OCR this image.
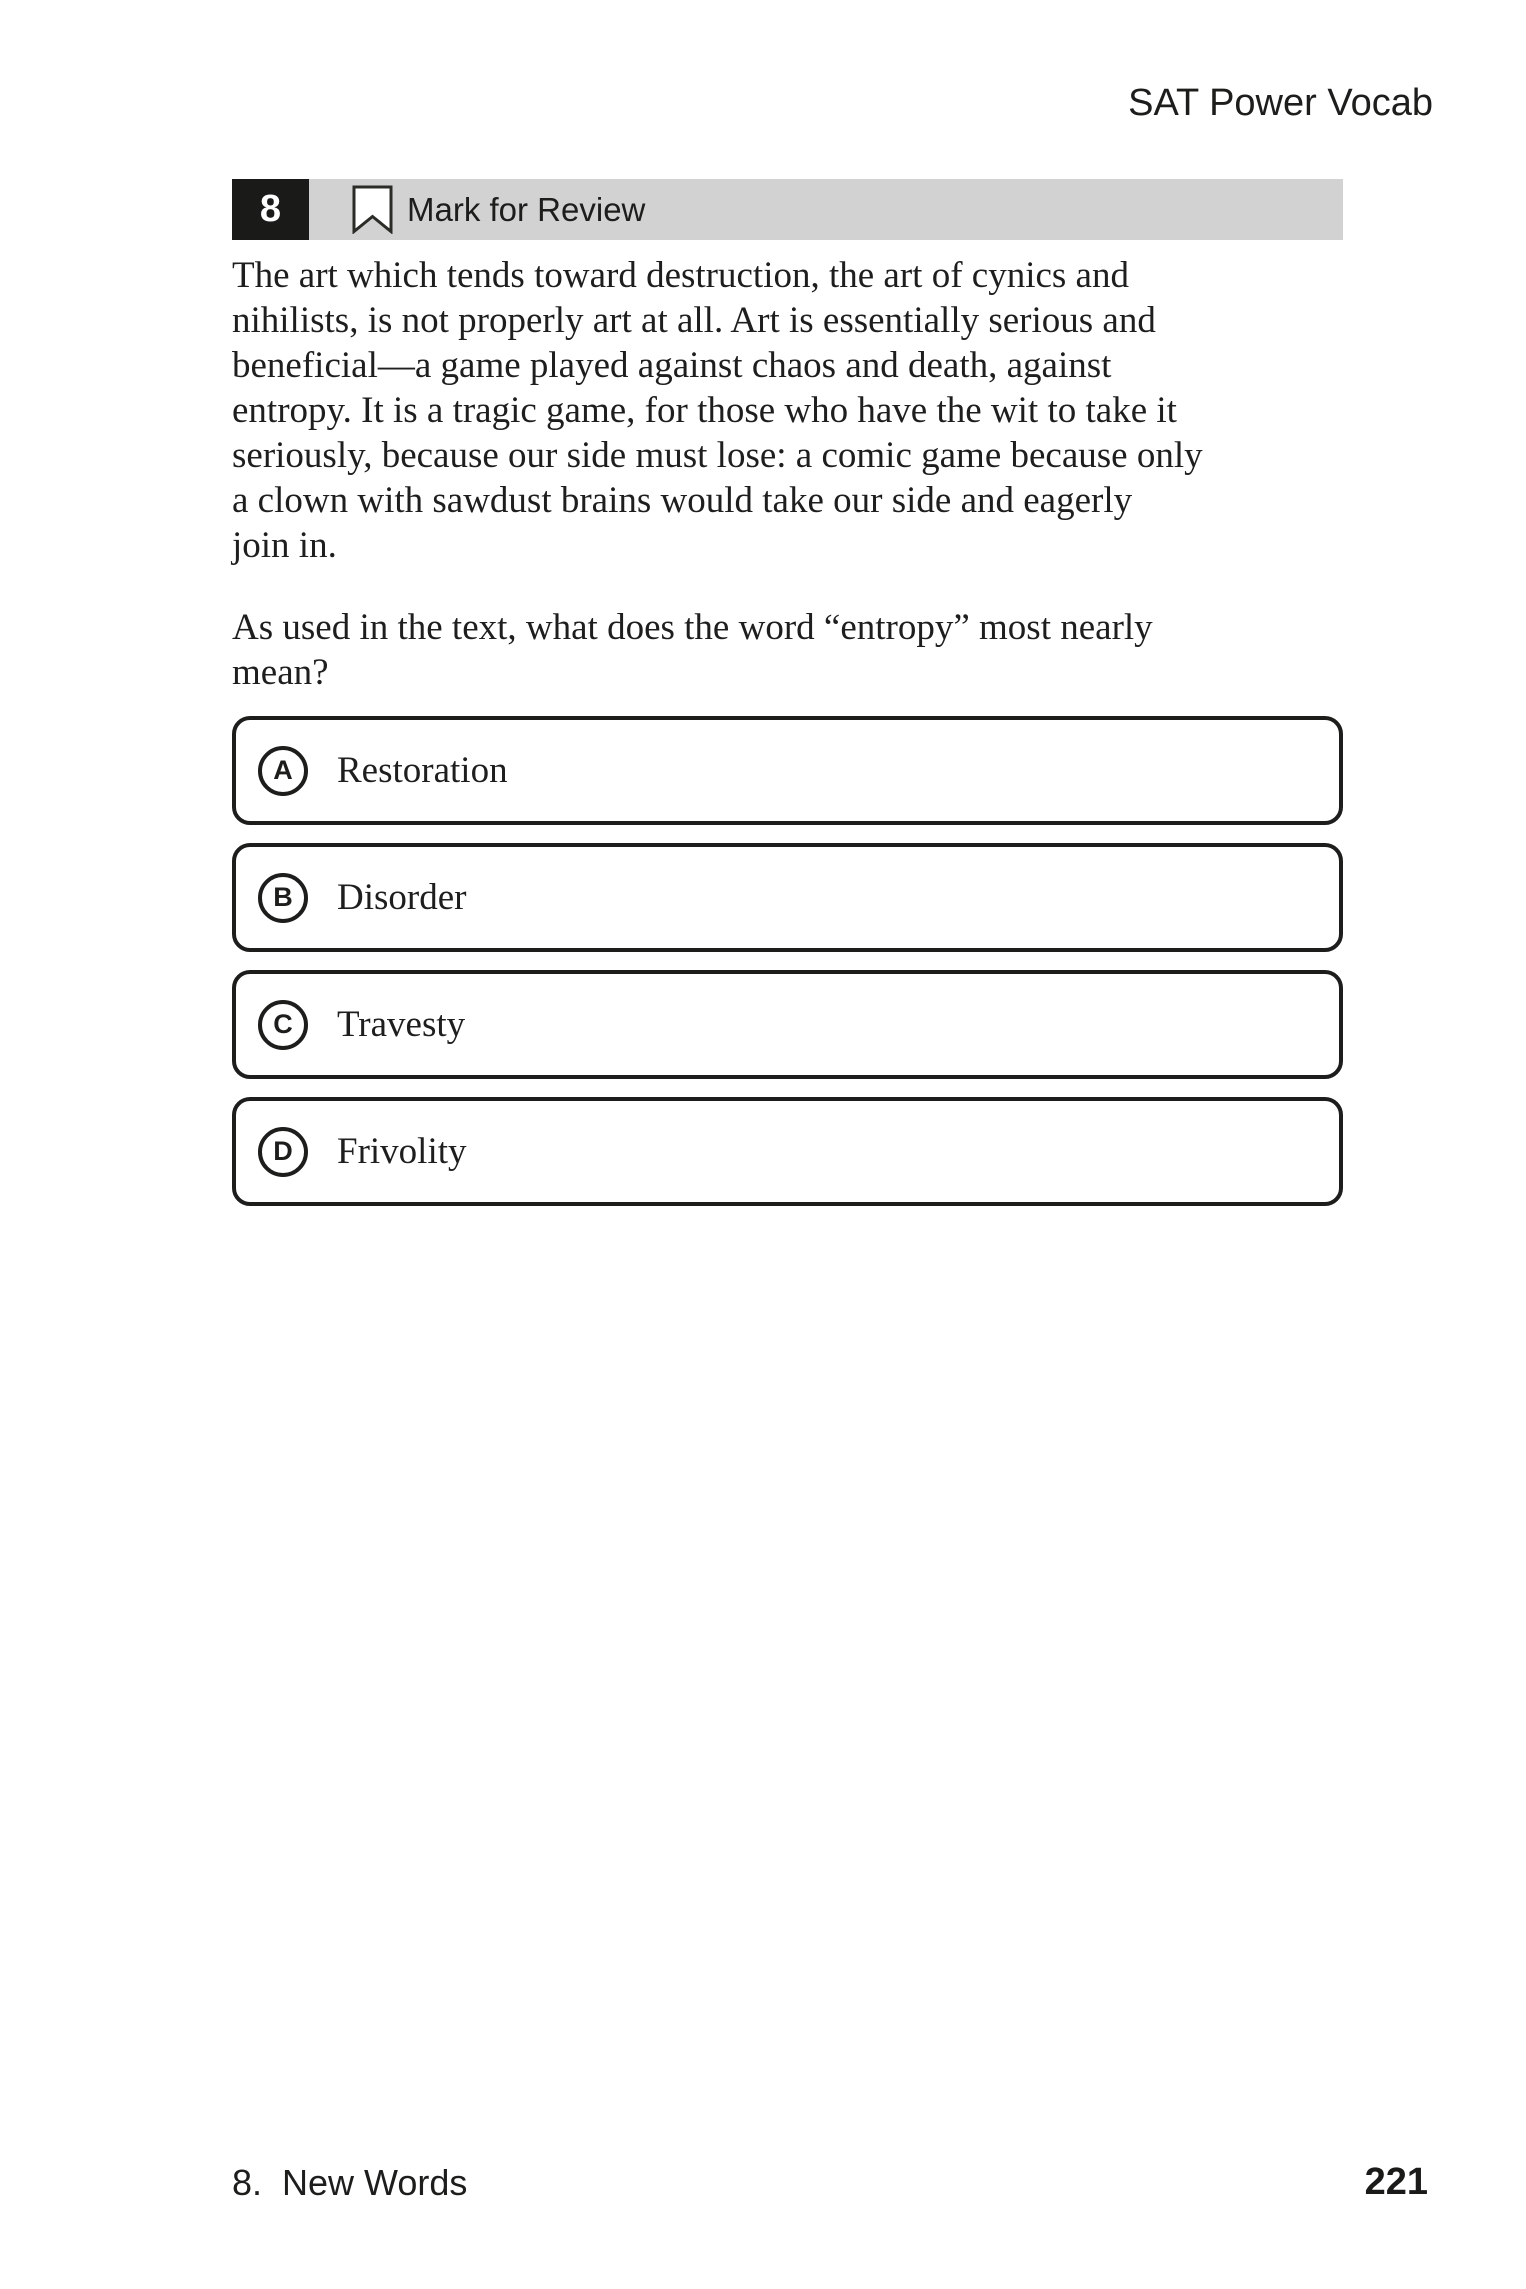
SAT Power Vocab
8	Mark for Review
The art which tends toward destruction, the art of cynics and
nihilists, is not properly art at all. Art is essentially serious and
beneficial—a game played against chaos and death, against
entropy. It is a tragic game, for those who have the wit to take it
seriously, because our side must lose: a comic game because only
a clown with sawdust brains would take our side and eagerly
join in.
As used in the text, what does the word “entropy” most nearly
mean?
A	Restoration
B	Disorder
C	Travesty
D	Frivolity
8. New Words	221
